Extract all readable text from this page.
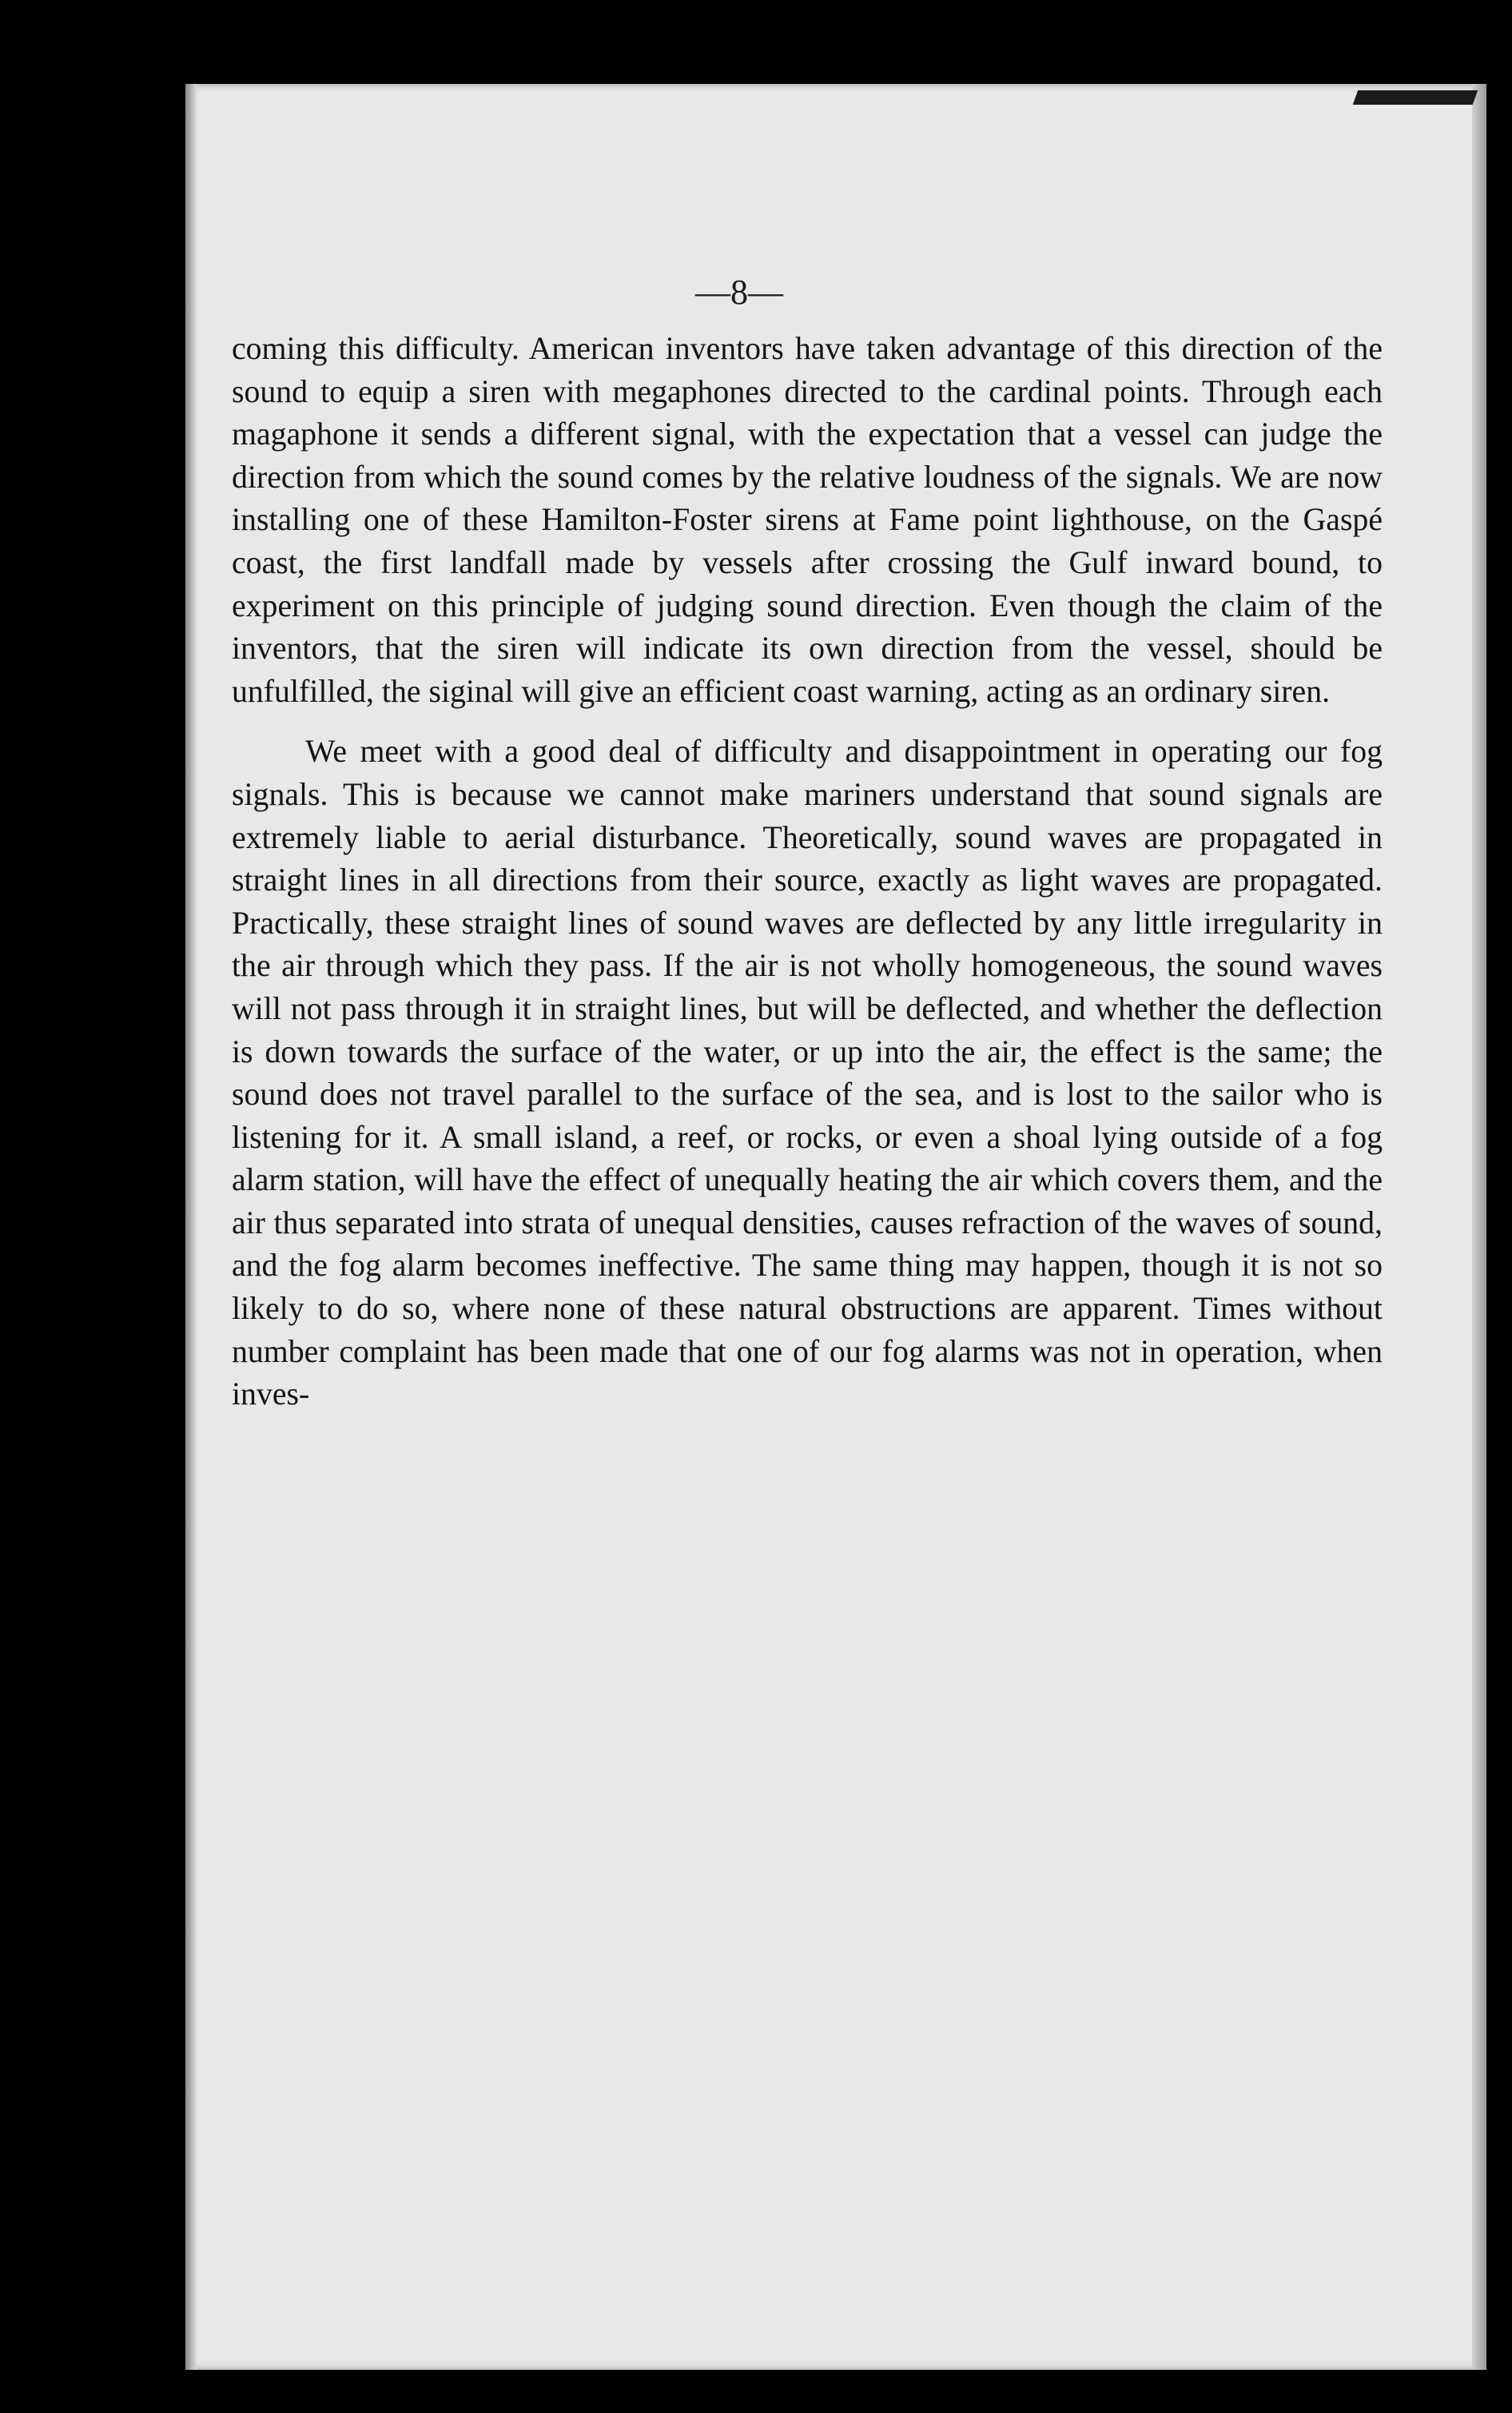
—8—

coming this difficulty. American inventors have taken advantage of this direction of the sound to equip a siren with megaphones directed to the cardinal points. Through each magaphone it sends a different signal, with the expectation that a vessel can judge the direction from which the sound comes by the relative loudness of the signals. We are now installing one of these Hamilton-Foster sirens at Fame point lighthouse, on the Gaspé coast, the first landfall made by vessels after crossing the Gulf inward bound, to experiment on this principle of judging sound direction. Even though the claim of the inventors, that the siren will indicate its own direction from the vessel, should be unfulfilled, the siginal will give an efficient coast warning, acting as an ordinary siren.

We meet with a good deal of difficulty and disappointment in operating our fog signals. This is because we cannot make mariners understand that sound signals are extremely liable to aerial disturbance. Theoretically, sound waves are propagated in straight lines in all directions from their source, exactly as light waves are propagated. Practically, these straight lines of sound waves are deflected by any little irregularity in the air through which they pass. If the air is not wholly homogeneous, the sound waves will not pass through it in straight lines, but will be deflected, and whether the deflection is down towards the surface of the water, or up into the air, the effect is the same; the sound does not travel parallel to the surface of the sea, and is lost to the sailor who is listening for it. A small island, a reef, or rocks, or even a shoal lying outside of a fog alarm station, will have the effect of unequally heating the air which covers them, and the air thus separated into strata of unequal densities, causes refraction of the waves of sound, and the fog alarm becomes ineffective. The same thing may happen, though it is not so likely to do so, where none of these natural obstructions are apparent. Times without number complaint has been made that one of our fog alarms was not in operation, when inves-
